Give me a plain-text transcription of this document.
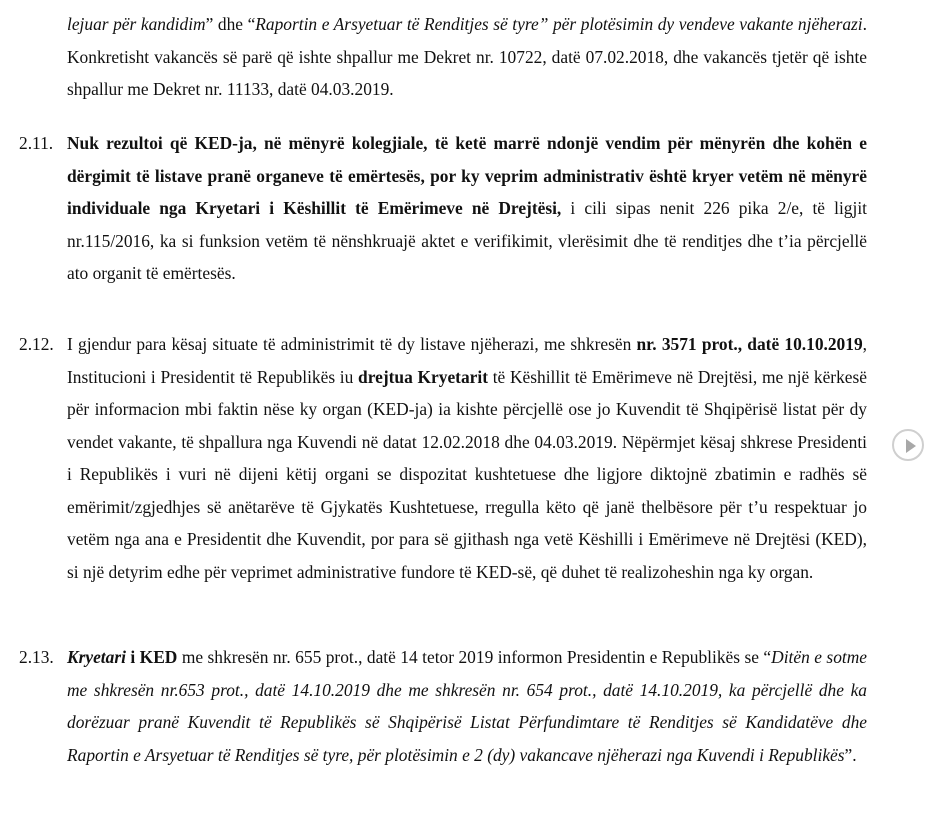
lejuar për kandidim” dhe “Raportin e Arsyetuar të Renditjes së tyre” për plotësimin dy vendeve vakante njëherazi. Konkretisht vakancës së parë që ishte shpallur me Dekret nr. 10722, datë 07.02.2018, dhe vakancës tjetër që ishte shpallur me Dekret nr. 11133, datë 04.03.2019.
2.11. Nuk rezultoi që KED-ja, në mënyrë kolegjiale, të ketë marrë ndonjë vendim për mënyrën dhe kohën e dërgimit të listave pranë organeve të emërtesës, por ky veprim administrativ është kryer vetëm në mënyrë individuale nga Kryetari i Këshillit të Emërimeve në Drejtësi, i cili sipas nenit 226 pika 2/e, të ligjit nr.115/2016, ka si funksion vetëm të nënshkruajë aktet e verifikimit, vlerësimit dhe të renditjes dhe t’ia përcjellë ato organit të emërtesës.
2.12. I gjendur para kësaj situate të administrimit të dy listave njëherazi, me shkresën nr. 3571 prot., datë 10.10.2019, Institucioni i Presidentit të Republikës iu drejtua Kryetarit të Këshillit të Emërimeve në Drejtësi, me një kërkesë për informacion mbi faktin nëse ky organ (KED-ja) ia kishte përcjellë ose jo Kuvendit të Shqipërisë listat për dy vendet vakante, të shpallura nga Kuvendi në datat 12.02.2018 dhe 04.03.2019. Nëpërmjet kësaj shkrese Presidenti i Republikës i vuri në dijeni këtij organi se dispozitat kushtetuese dhe ligjore diktojnë zbatimin e radhës së emërimit/zgjedhjes së anëtarëve të Gjykatës Kushtetuese, rregulla këto që janë thelbësore për t’u respektuar jo vetëm nga ana e Presidentit dhe Kuvendit, por para së gjithash nga vetë Këshilli i Emërimeve në Drejtësi (KED), si një detyrim edhe për veprimet administrative fundore të KED-së, që duhet të realizoheshin nga ky organ.
2.13. Kryetari i KED me shkresën nr. 655 prot., datë 14 tetor 2019 informon Presidentin e Republikës se “Ditën e sotme me shkresën nr.653 prot., datë 14.10.2019 dhe me shkresën nr. 654 prot., datë 14.10.2019, ka përcjellë dhe ka dorëzuar pranë Kuvendit të Republikës së Shqipërisë Listat Përfundimtare të Renditjes së Kandidatëve dhe Raportin e Arsyetuar të Renditjes së tyre, për plotësimin e 2 (dy) vakancave njëherazi nga Kuvendi i Republikës”.
